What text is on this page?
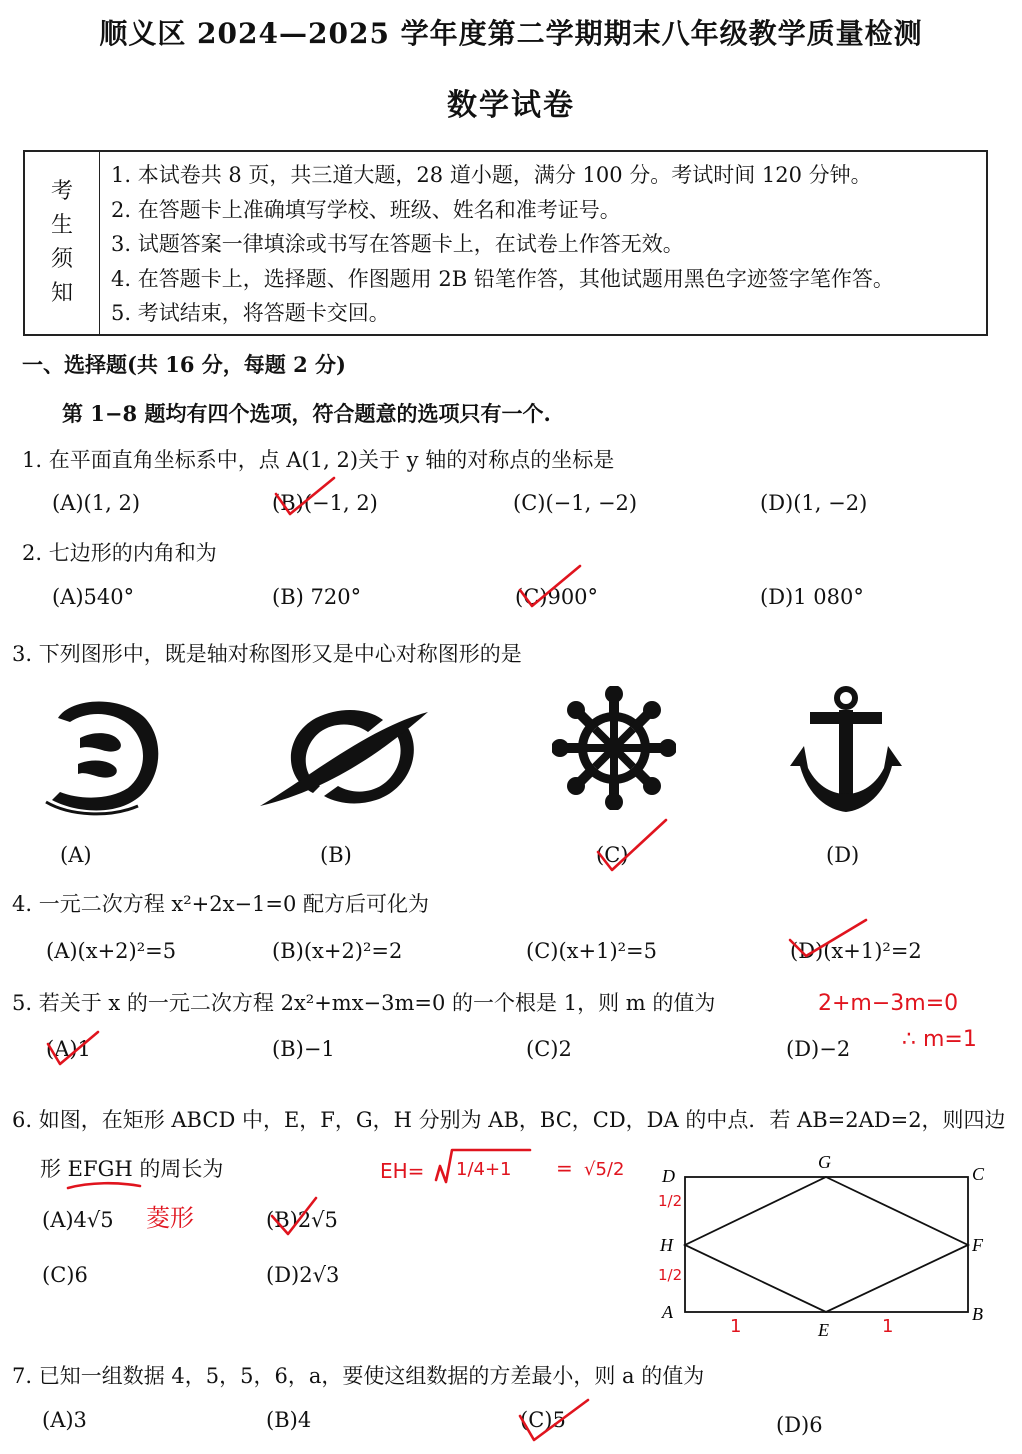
顺义区 2024—2025 学年度第二学期期末八年级教学质量检测
数学试卷
考
生
须
知
1. 本试卷共 8 页，共三道大题，28 道小题，满分 100 分。考试时间 120 分钟。
2. 在答题卡上准确填写学校、班级、姓名和准考证号。
3. 试题答案一律填涂或书写在答题卡上，在试卷上作答无效。
4. 在答题卡上，选择题、作图题用 2B 铅笔作答，其他试题用黑色字迹签字笔作答。
5. 考试结束，将答题卡交回。
一、选择题(共 16 分，每题 2 分)
第 1−8 题均有四个选项，符合题意的选项只有一个.
1. 在平面直角坐标系中，点 A(1, 2)关于 y 轴的对称点的坐标是
(A)(1, 2)	(B)(−1, 2)	(C)(−1, −2)	(D)(1, −2)
2. 七边形的内角和为
(A)540°	(B) 720°	(C)900°	(D)1 080°
3. 下列图形中，既是轴对称图形又是中心对称图形的是
(A)	(B)	(C)	(D)
4. 一元二次方程 x²+2x−1=0 配方后可化为
(A)(x+2)²=5	(B)(x+2)²=2	(C)(x+1)²=5	(D)(x+1)²=2
5. 若关于 x 的一元二次方程 2x²+mx−3m=0 的一个根是 1，则 m 的值为
(A)1	(B)−1	(C)2	(D)−2
6. 如图，在矩形 ABCD 中，E，F，G，H 分别为 AB，BC，CD，DA 的中点．若 AB=2AD=2，则四边
形 EFGH 的周长为
(A)4√5	(B)2√5
(C)6	(D)2√3
D
G
C
H	F
A
E
B
7. 已知一组数据 4，5，5，6，a，要使这组数据的方差最小，则 a 的值为
(A)3	(B)4	(C)5	(D)6
2+m−3m=0
∴ m=1
EH= 1/4+1 = √5/2
菱形
1/2
1/2
1	1
